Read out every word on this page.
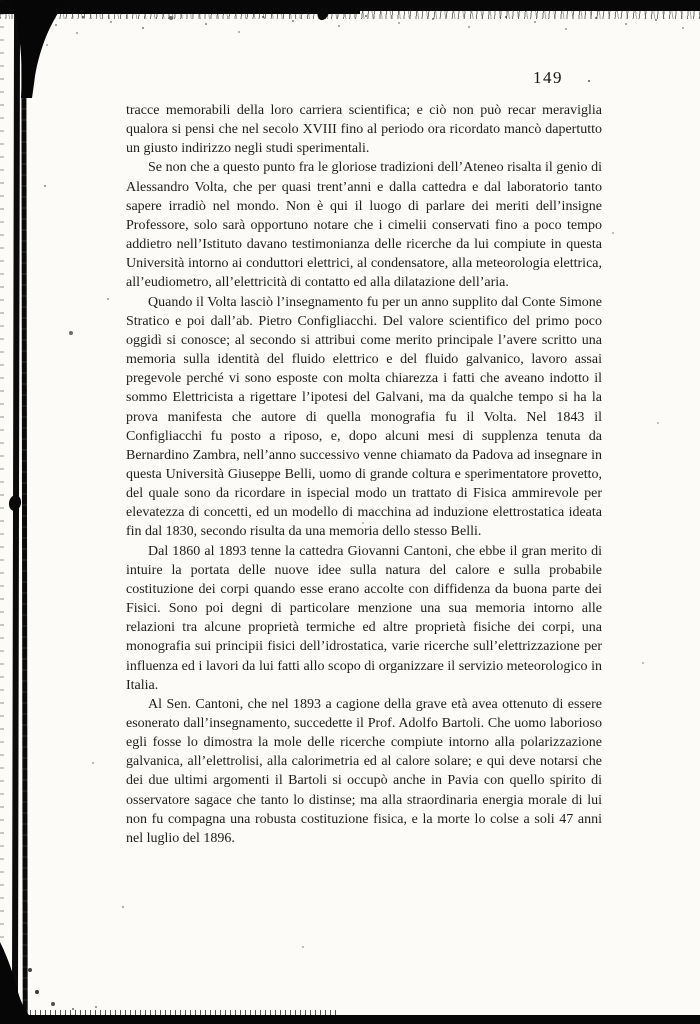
149

tracce memorabili della loro carriera scientifica; e ciò non può recar meraviglia qualora si pensi che nel secolo XVIII fino al periodo ora ricordato mancò dapertutto un giusto indirizzo negli studi sperimentali.

Se non che a questo punto fra le gloriose tradizioni dell’Ateneo risalta il genio di Alessandro Volta, che per quasi trent’anni e dalla cattedra e dal laboratorio tanto sapere irradiò nel mondo. Non è qui il luogo di parlare dei meriti dell’insigne Professore, solo sarà opportuno notare che i cimelii conservati fino a poco tempo addietro nell’Istituto davano testimonianza delle ricerche da lui compiute in questa Università intorno ai conduttori elettrici, al condensatore, alla meteorologia elettrica, all’eudiometro, all’elettricità di contatto ed alla dilatazione dell’aria.

Quando il Volta lasciò l’insegnamento fu per un anno supplito dal Conte Simone Stratico e poi dall’ab. Pietro Configliacchi. Del valore scientifico del primo poco oggidì si conosce; al secondo si attribui come merito principale l’avere scritto una memoria sulla identità del fluido elettrico e del fluido galvanico, lavoro assai pregevole perché vi sono esposte con molta chiarezza i fatti che aveano indotto il sommo Elettricista a rigettare l’ipotesi del Galvani, ma da qualche tempo si ha la prova manifesta che autore di quella monografia fu il Volta. Nel 1843 il Configliacchi fu posto a riposo, e, dopo alcuni mesi di supplenza tenuta da Bernardino Zambra, nell’anno successivo venne chiamato da Padova ad insegnare in questa Università Giuseppe Belli, uomo di grande coltura e sperimentatore provetto, del quale sono da ricordare in ispecial modo un trattato di Fisica ammirevole per elevatezza di concetti, ed un modello di macchina ad induzione elettrostatica ideata fin dal 1830, secondo risulta da una memoria dello stesso Belli.

Dal 1860 al 1893 tenne la cattedra Giovanni Cantoni, che ebbe il gran merito di intuire la portata delle nuove idee sulla natura del calore e sulla probabile costituzione dei corpi quando esse erano accolte con diffidenza da buona parte dei Fisici. Sono poi degni di particolare menzione una sua memoria intorno alle relazioni tra alcune proprietà termiche ed altre proprietà fisiche dei corpi, una monografia sui principii fisici dell’idrostatica, varie ricerche sull’elettrizzazione per influenza ed i lavori da lui fatti allo scopo di organizzare il servizio meteorologico in Italia.

Al Sen. Cantoni, che nel 1893 a cagione della grave età avea ottenuto di essere esonerato dall’insegnamento, succedette il Prof. Adolfo Bartoli. Che uomo laborioso egli fosse lo dimostra la mole delle ricerche compiute intorno alla polarizzazione galvanica, all’elettrolisi, alla calorimetria ed al calore solare; e qui deve notarsi che dei due ultimi argomenti il Bartoli si occupò anche in Pavia con quello spirito di osservatore sagace che tanto lo distinse; ma alla straordinaria energia morale di lui non fu compagna una robusta costituzione fisica, e la morte lo colse a soli 47 anni nel luglio del 1896.
